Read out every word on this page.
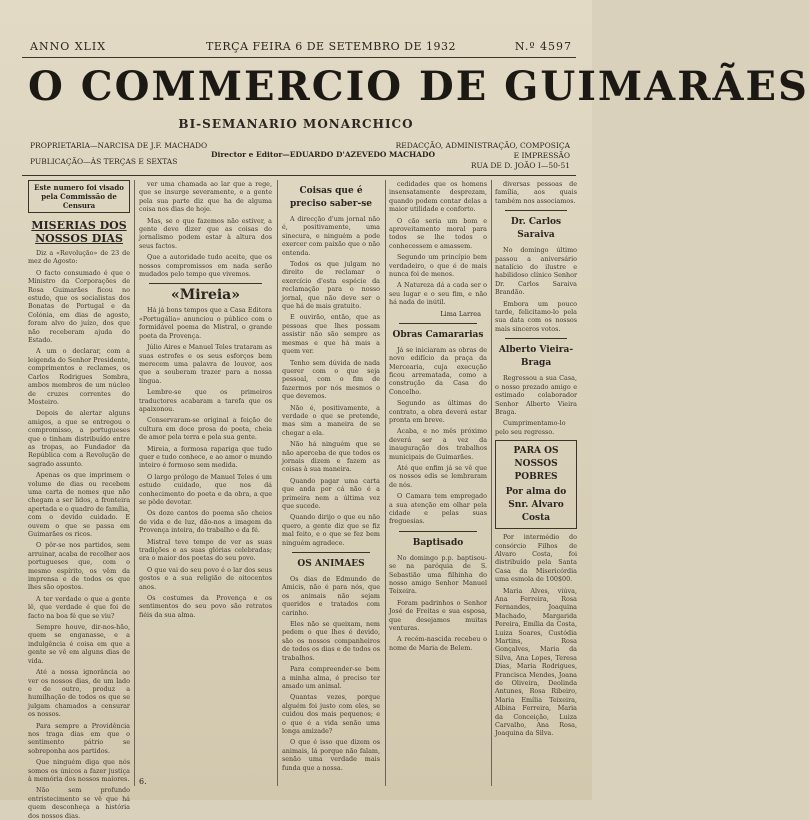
ANNO XLIX	TERÇA FEIRA 6 DE SETEMBRO DE 1932	N.º 4597
O COMMERCIO DE GUIMARÃES
BI-SEMANARIO MONARCHICO
PROPRIETARIA—NARCISA DE J.F. MACHADO
PUBLICAÇÃO—ÀS TERÇAS E SEXTAS
Director e Editor—EDUARDO D'AZEVEDO MACHADO
REDACÇÃO, ADMINISTRAÇÃO, COMPOSIÇA
E IMPRESSÃO
RUA DE D. JOÃO I—50-51
Este numero foi visado pela Commissão de Censura
MISERIAS DOS NOSSOS DIAS

Diz a «Revolução» de 23 de mez de Agosto:

O facto consumado é que o Ministro da Corporações de Rosa Guimarães ficou no estudo, que os socialistas dos Bonatas de Portugal e da Colónia, em dias de agosto, foram alvo do juízo, dos que não receberam ajuda do Estado.

A um o declarar, com a leigenda do Senhor Presidente, comprimentos e reclames, os Carlos Rodrigues Sombra, ambos membros de um núcleo de cruzes correntes do Mosteiro.

Depois de alertar alguns amigos, a que se entregou o compromisso, a portugueses que o tinham distribuído entre as tropas, ao Fundador da República com a Revolução de sagrado assunto.

Apenas os que imprimem o volume de dias ou recebem uma carta de nomes que não chegam a ser lidos, a fronteira apertada e o quadro de família, com o devido cuidado. E ouvem o que se passa em Guimarães os ricos.

O pôr-se nos partidos, sem arruinar, acaba de recolher aos portugueses que, com o mesmo espírito, os vêm da imprensa e de todos os que lhes são opostos.

A ter verdade o que a gente lê, que verdade é que foi de facto na boa fé que se viu?

Sempre houve, dir-nos-hão, quem se enganasse, e a indulgência é coisa em que a gente se vê em alguns dias de vida.

Até a nossa ignorância ao ver os nossos dias, de um lado e de outro, produz a humilhação de todos os que se julgam chamados a censurar os nossos.

Para sempre a Providência nos traga dias em que o sentimento pátrio se sobreponha aos partidos.

Que ninguém diga que nós somos os únicos a fazer justiça à memória dos nossos maiores.

Não sem profundo entristecimento se vê que há quem desconheça a história dos nossos dias.

ver uma chamada ao lar que a rege, que se insurge severamente, e a gente pela sua parte diz que ha de alguma coisa nos dias de hoje.

Mas, se o que fazemos não estiver, a gente deve dizer que as coisas do jornalismo podem estar à altura dos seus factos.

Que a autoridade tudo aceite, que os nossos compromissos em nada serão mudados pelo tempo que vivemos.

«Mireia»

Há já bons tempos que a Casa Editora «Portugália» anunciou o público com o formidável poema de Mistral, o grande poeta da Provença.

Júlio Aires e Manuel Teles trataram as suas estrofes e os seus esforços bem merecem uma palavra de louvor, aos que a souberam trazer para a nossa língua.

Lembre-se que os primeiros traductores acabaram a tarefa que os apaixonou.

Conservaram-se original a feição de cultura em doce prosa do poeta, cheia de amor pela terra e pela sua gente.

Mireia, a formosa rapariga que tudo quer e tudo conhece, e ao amor o mundo inteiro é formoso sem medida.

O largo prólogo de Manuel Teles é um estudo cuidado, que nos dá conhecimento do poeta e da obra, a que se pôde devotar.

Os doze cantos do poema são cheios de vida e de luz, dão-nos a imagem da Provença inteira, do trabalho e da fé.

Mistral teve tempo de ver as suas tradições e as suas glórias celebradas; era o maior dos poetas do seu povo.

O que vai do seu povo é o lar dos seus gostos e a sua religião de oitocentos anos.

Os costumes da Provença e os sentimentos do seu povo são retratos fiéis da sua alma.

6.
Coisas que é preciso saber-se

A direcção d'um jornal não é, positivamente, uma sinecura, e ninguém a pode exercer com paixão que o não entenda.

Todos os que julgam no direito de reclamar o exercício d'esta espécie da reclamação para o nosso jornal, que não deve ser o que há de mais gratuito.

E ouvirão, então, que as pessoas que lhes possam assistir não são sempre as mesmas e que há mais a quem ver.

Tenho sem dúvida de nada querer com o que seja pessoal, com o fim de fazermos por nós mesmos o que devemos.

Não é, positivamente, a verdade o que se pretende, mas sim a maneira de se chegar a ela.

Não há ninguém que se não aperceba de que todos os jornais dizem e fazem as coisas à sua maneira.

Quando pagar uma carta que anda por cá não é a primeira nem a última vez que sucede.

Quando dirijo o que eu não quero, a gente diz que se fiz mal feito, e o que se fez bem ninguém agradece.

OS ANIMAES

Os dias de Edmundo de Amicis, não é para nós, que os animais não sejam queridos e tratados com carinho.

Eles não se queixam, nem pedem o que lhes é devido, são os nossos companheiros de todos os dias e de todos os trabalhos.

Para compreender-se bem a minha alma, é preciso ter amado um animal.

Quantas vezes, porque alguém foi justo com eles, se cuidou dos mais pequenos; e o que é a vida senão uma longa amizade?

O que é isso que dizem os animais, lá porque não falam, senão uma verdade mais funda que a nossa.

cedidades que os homens insensatamente desprezam, quando podem contar delas a maior utilidade e conforto.

O cão seria um bom e aproveitamento moral para todos se lhe todos o conhecessem e amassem.

Segundo um princípio bem verdadeiro, o que é de mais nunca foi de menos.

A Natureza dá a cada ser o seu lugar e o seu fim, e não há nada de inútil.

Lima Larrea
Obras Camararias

Já se iniciaram as obras de novo edifício da praça da Mercearia, cuja execução ficou arrematada, como a construção da Casa do Concelho.

Segundo as últimas do contrato, a obra deverá estar pronta em breve.

Acaba, e no mês próximo deverá ser a vez da inauguração dos trabalhos municipais de Guimarães.

Até que enfim já se vê que os nossos edis se lembraram de nós.

O Camara tem empregado a sua atenção em olhar pela cidade e pelas suas freguesias.

Baptisado

No domingo p.p. baptisou-se na paróquia de S. Sebastião uma filhinha do nosso amigo Senhor Manuel Teixeira.

Foram padrinhos o Senhor José de Freitas e sua esposa, que desejamos muitas venturas.

A recém-nascida recebeu o nome de Maria de Belem.

diversas pessoas de família, aos quais também nos associamos.

Dr. Carlos Saraiva

No domingo último passou a aniversário natalício do ilustre e habilidoso clínico Senhor Dr. Carlos Saraiva Brandão.

Embora um pouco tarde, felicitamo-lo pela sua data com os nossos mais sinceros votos.

Alberto Vieira-Braga

Regressou a sua Casa, o nosso prezado amigo e estimado colaborador Senhor Alberto Vieira Braga.

Cumprimentamo-lo pelo seu regresso.

PARA OS NOSSOS POBRES
Por alma do Snr. Alvaro Costa

Por intermédio do consórcio Filhos de Alvaro Costa, foi distribuído pela Santa Casa da Misericórdia uma esmola de 100$00.

Maria Alves, viúva, Ana Ferreira, Rosa Fernandes, Joaquina Machado, Margarida Pereira, Emília da Costa, Luiza Soares, Custódia Martins, Rosa Gonçalves, Maria da Silva, Ana Lopes, Teresa Dias, Maria Rodrigues, Francisca Mendes, Joana de Oliveira, Deolinda Antunes, Rosa Ribeiro, Maria Emília Teixeira, Albina Ferreira, Maria da Conceição, Luiza Carvalho, Ana Rosa, Joaquina da Silva.
